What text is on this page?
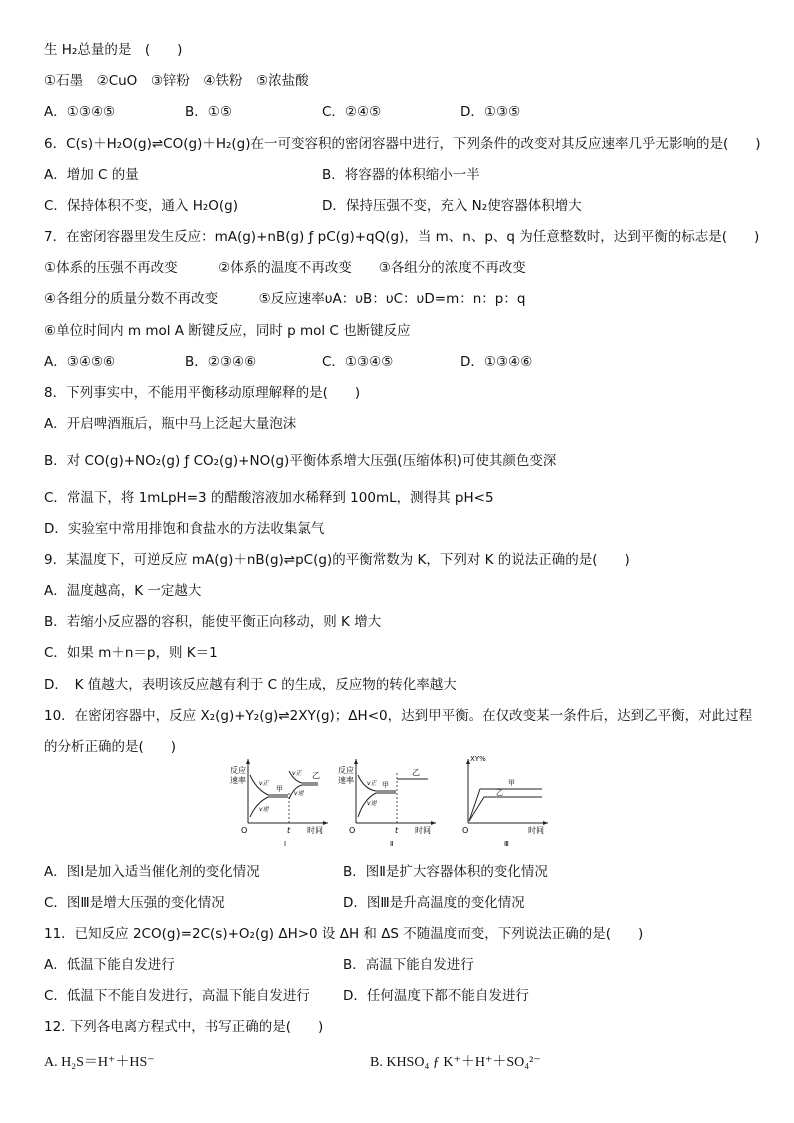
生 H₂总量的是　(　　)
①石墨　②CuO　③锌粉　④铁粉　⑤浓盐酸
A．①③④⑤	B．①⑤	C．②④⑤	D．①③⑤
6．C(s)＋H₂O(g)⇌CO(g)＋H₂(g)在一可变容积的密闭容器中进行，下列条件的改变对其反应速率几乎无影响的是(　　)
A．增加 C 的量	B．将容器的体积缩小一半
C．保持体积不变，通入 H₂O(g)	D．保持压强不变，充入 N₂使容器体积增大
7．在密闭容器里发生反应：mA(g)+nB(g) ƒ pC(g)+qQ(g)，当 m、n、p、q 为任意整数时，达到平衡的标志是(　　)
①体系的压强不再改变　　　②体系的温度不再改变　　③各组分的浓度不再改变
④各组分的质量分数不再改变　　　⑤反应速率υA：υB：υC：υD=m：n：p：q
⑥单位时间内 m mol A 断键反应，同时 p mol C 也断键反应
A．③④⑤⑥	B．②③④⑥	C．①③④⑤	D．①③④⑥
8．下列事实中，不能用平衡移动原理解释的是(　　)
A．开启啤酒瓶后，瓶中马上泛起大量泡沫
B．对 CO(g)+NO₂(g) ƒ CO₂(g)+NO(g)平衡体系增大压强(压缩体积)可使其颜色变深
C．常温下，将 1mLpH=3 的醋酸溶液加水稀释到 100mL，测得其 pH<5
D．实验室中常用排饱和食盐水的方法收集氯气
9．某温度下，可逆反应 mA(g)＋nB(g)⇌pC(g)的平衡常数为 K，下列对 K 的说法正确的是(　　)
A．温度越高，K 一定越大
B．若缩小反应器的容积，能使平衡正向移动，则 K 增大
C．如果 m＋n＝p，则 K＝1
D．　K 值越大，表明该反应越有利于 C 的生成，反应物的转化率越大
10．在密闭容器中，反应 X₂(g)+Y₂(g)⇌2XY(g)；ΔH<0，达到甲平衡。在仅改变某一条件后，达到乙平衡，对此过程
的分析正确的是(　　)
反应
速率
O	t 时间
v正
v逆
甲
v正
v逆
乙
Ⅰ
反应
速率
O	t 时间
v正
v逆
甲
乙
Ⅱ
XY%
O	时间
甲
乙
Ⅲ
A．图Ⅰ是加入适当催化剂的变化情况	B．图Ⅱ是扩大容器体积的变化情况
C．图Ⅲ是增大压强的变化情况	D．图Ⅲ是升高温度的变化情况
11．已知反应 2CO(g)=2C(s)+O₂(g) ΔH>0 设 ΔH 和 ΔS 不随温度而变，下列说法正确的是(　　)
A．低温下能自发进行	B．高温下能自发进行
C．低温下不能自发进行，高温下能自发进行 D．任何温度下都不能自发进行
12. 下列各电离方程式中，书写正确的是(　　)
A. H₂S＝H⁺＋HS⁻	B. KHSO₄ ƒ K⁺＋H⁺＋SO₄²⁻
